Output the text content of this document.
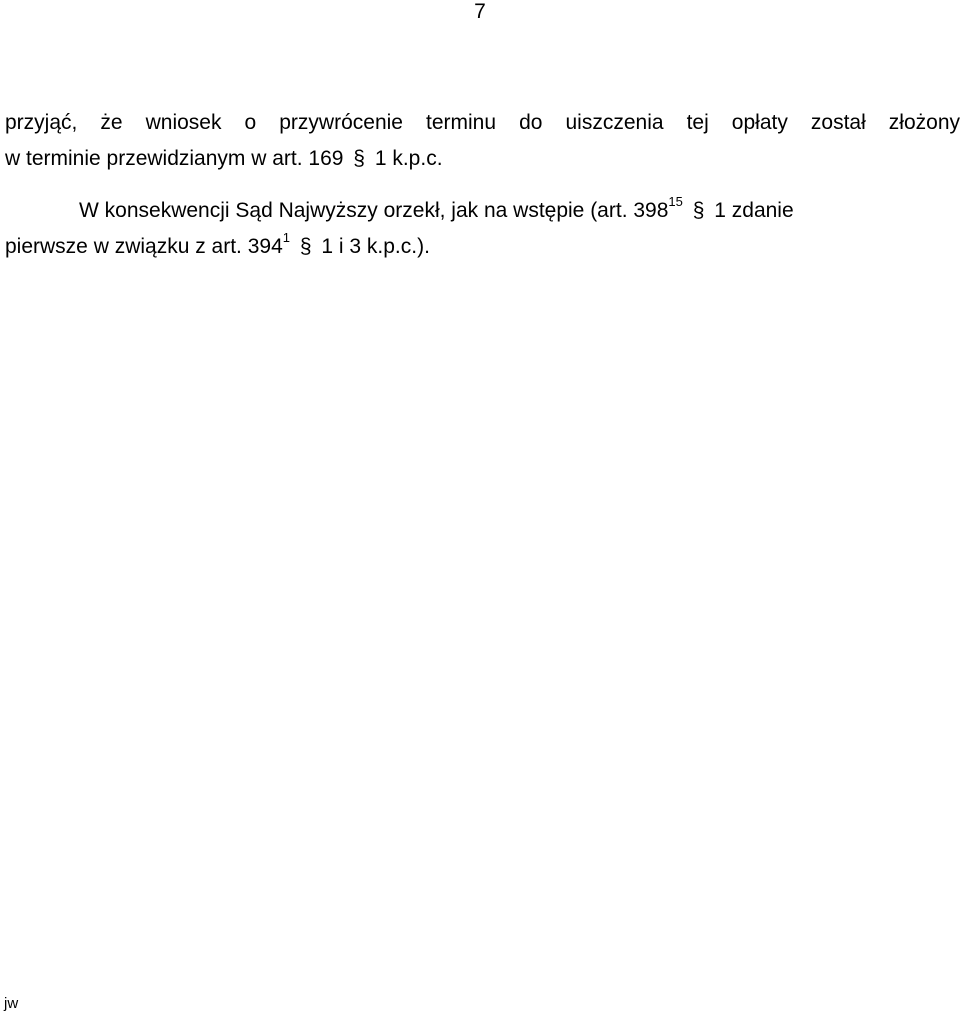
7
przyjąć, że wniosek o przywrócenie terminu do uiszczenia tej opłaty został złożony
w terminie przewidzianym w art. 169 § 1 k.p.c.
W konsekwencji Sąd Najwyższy orzekł, jak na wstępie (art. $398^{15}$ § 1 zdanie
pierwsze w związku z art. $394^1$ § 1 i 3 k.p.c.).
jw
